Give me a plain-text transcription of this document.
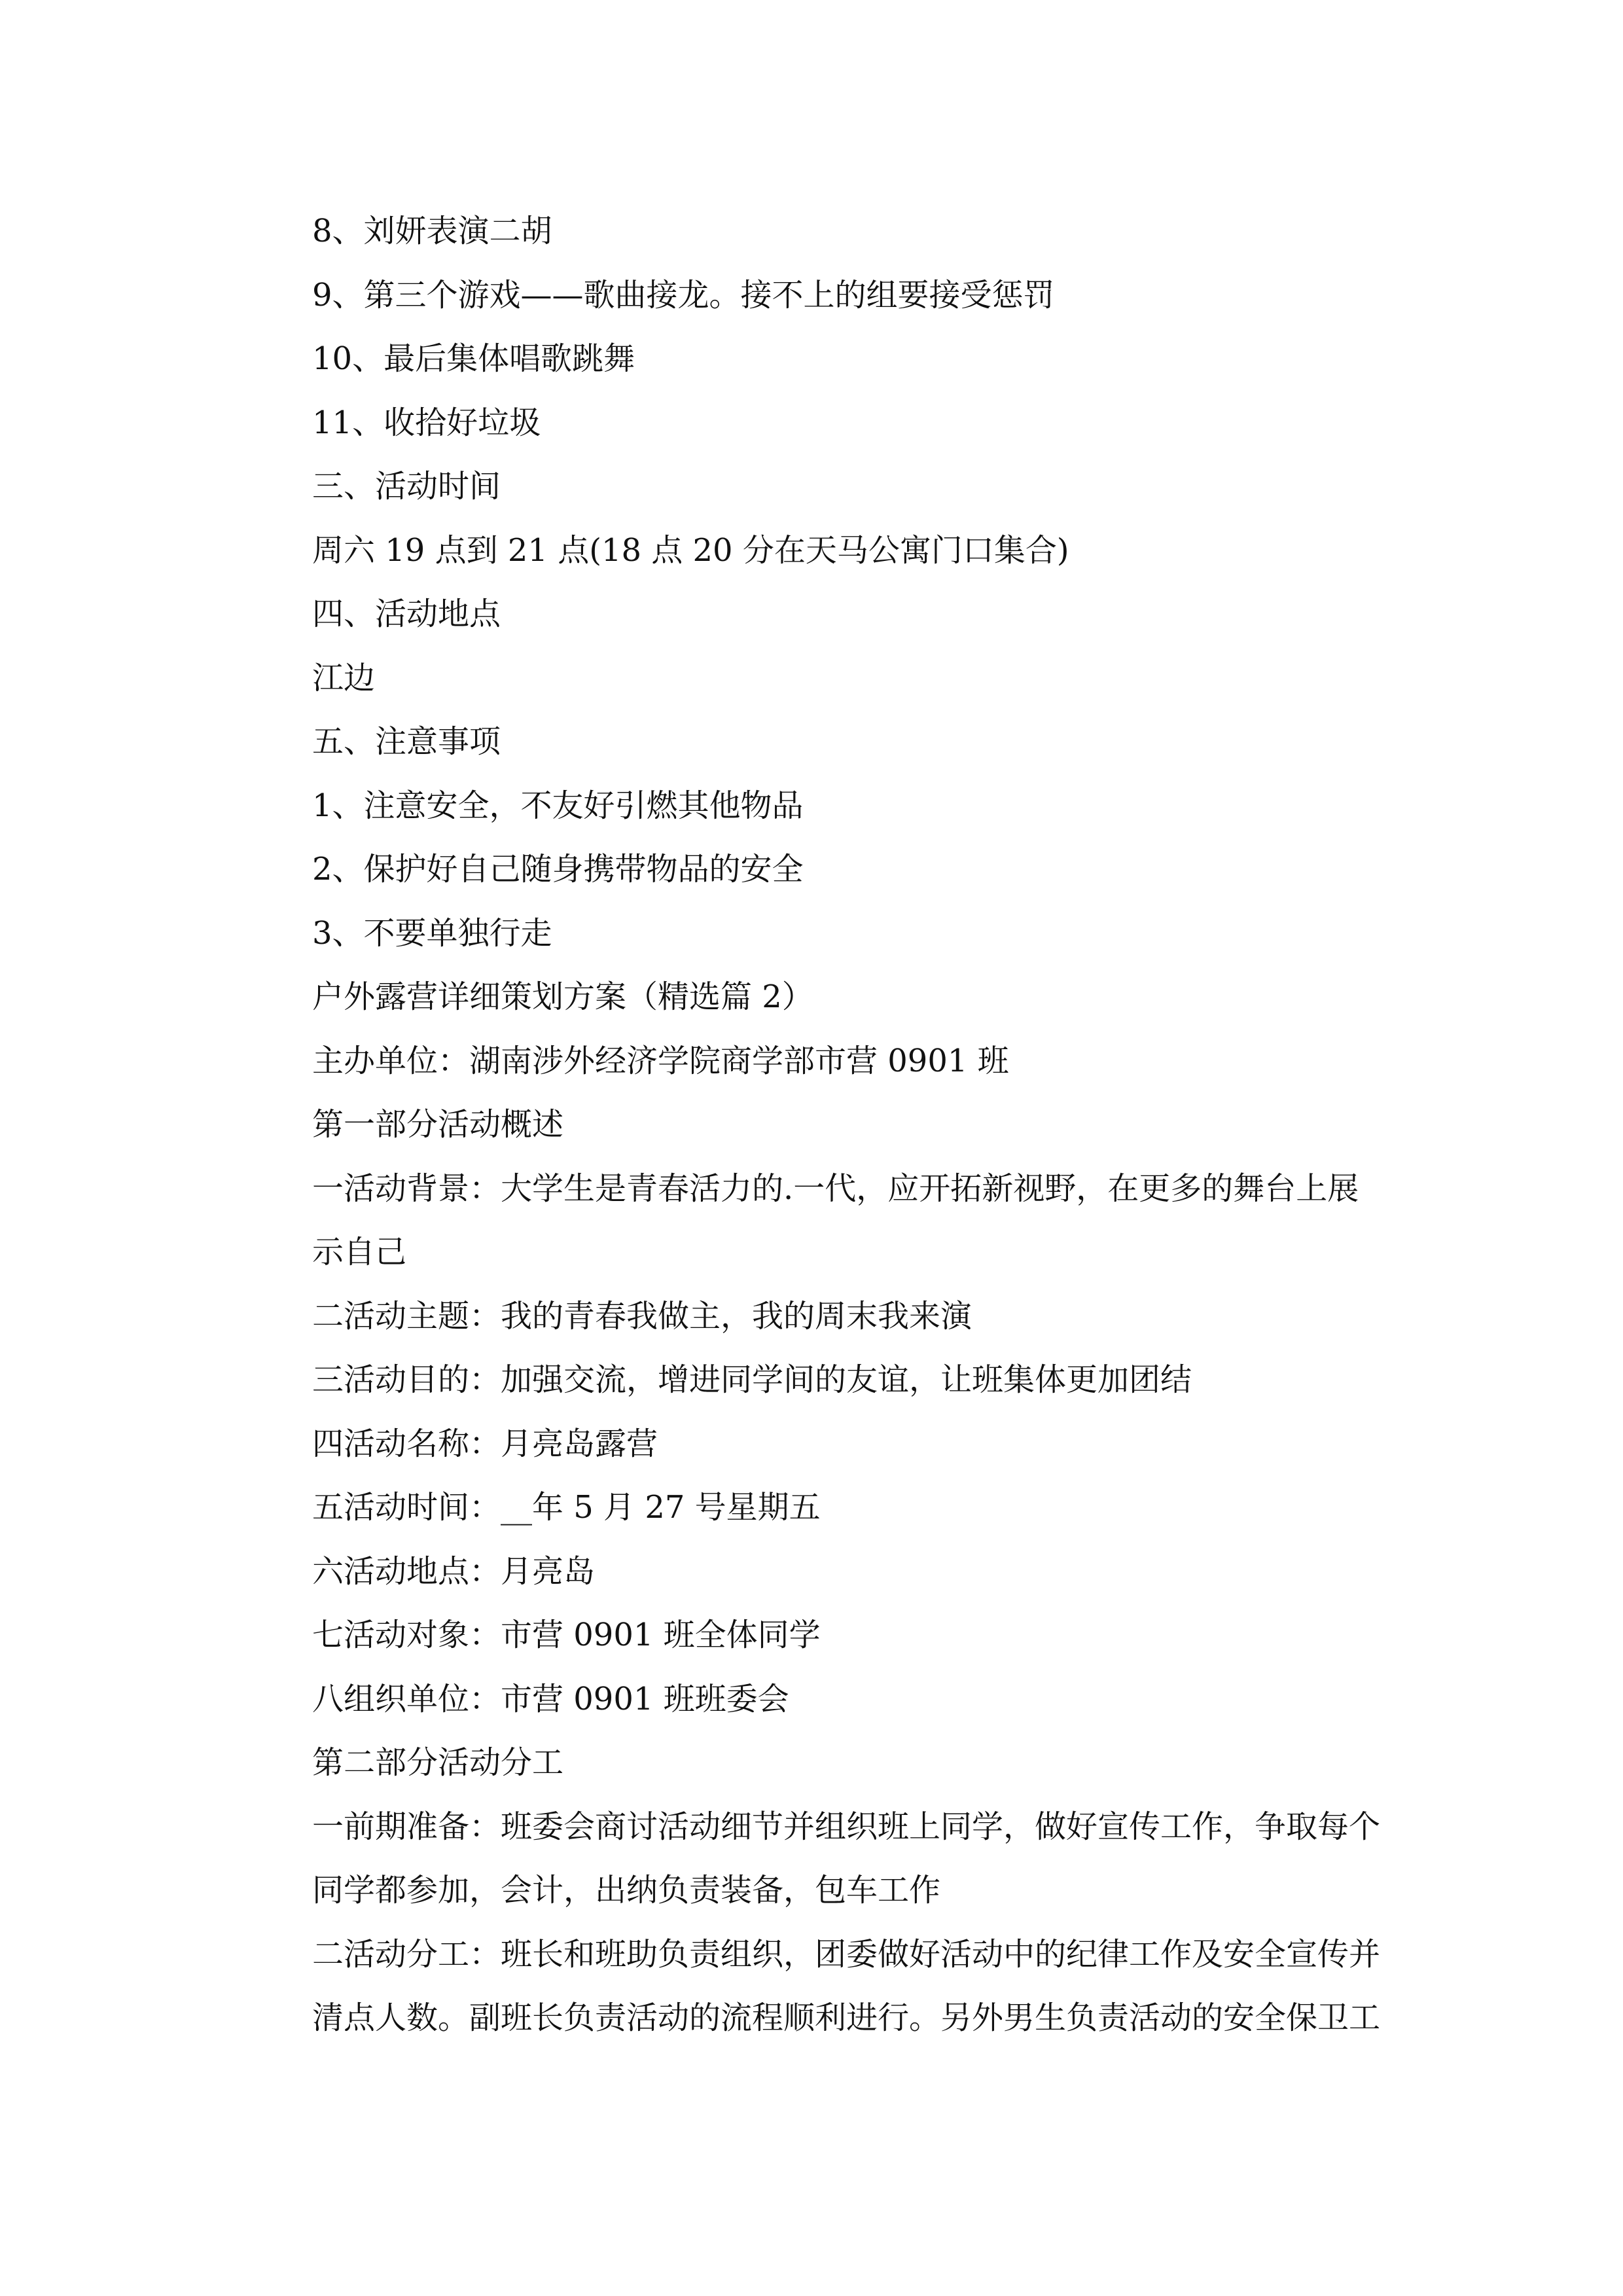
8、刘妍表演二胡

9、第三个游戏——歌曲接龙。接不上的组要接受惩罚

10、最后集体唱歌跳舞

11、收拾好垃圾

三、活动时间

周六 19 点到 21 点(18 点 20 分在天马公寓门口集合)

四、活动地点

江边

五、注意事项

1、注意安全，不友好引燃其他物品

2、保护好自己随身携带物品的安全

3、不要单独行走

户外露营详细策划方案（精选篇 2）

主办单位：湖南涉外经济学院商学部市营 0901 班

第一部分活动概述

一活动背景：大学生是青春活力的.一代，应开拓新视野，在更多的舞台上展示自己

二活动主题：我的青春我做主，我的周末我来演

三活动目的：加强交流，增进同学间的友谊，让班集体更加团结

四活动名称：月亮岛露营

五活动时间：__年 5 月 27 号星期五

六活动地点：月亮岛

七活动对象：市营 0901 班全体同学

八组织单位：市营 0901 班班委会

第二部分活动分工

一前期准备：班委会商讨活动细节并组织班上同学，做好宣传工作，争取每个同学都参加，会计，出纳负责装备，包车工作

二活动分工：班长和班助负责组织，团委做好活动中的纪律工作及安全宣传并清点人数。副班长负责活动的流程顺利进行。另外男生负责活动的安全保卫工
